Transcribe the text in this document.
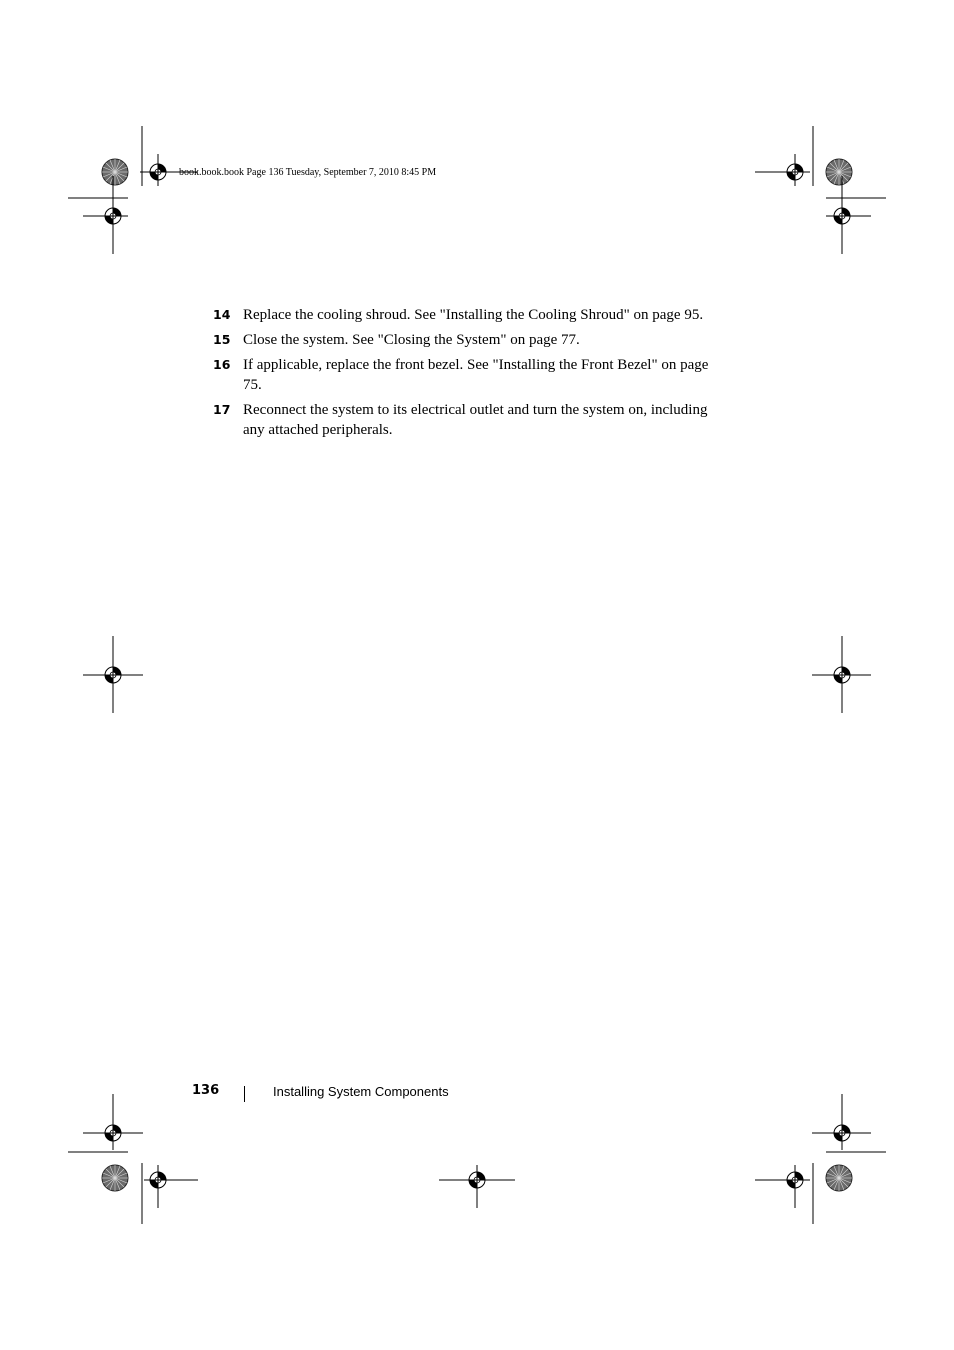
book.book.book Page 136 Tuesday, September 7, 2010 8:45 PM
14 Replace the cooling shroud. See "Installing the Cooling Shroud" on page 95.
15 Close the system. See "Closing the System" on page 77.
16 If applicable, replace the front bezel. See "Installing the Front Bezel" on page 75.
17 Reconnect the system to its electrical outlet and turn the system on, including any attached peripherals.
136	Installing System Components
